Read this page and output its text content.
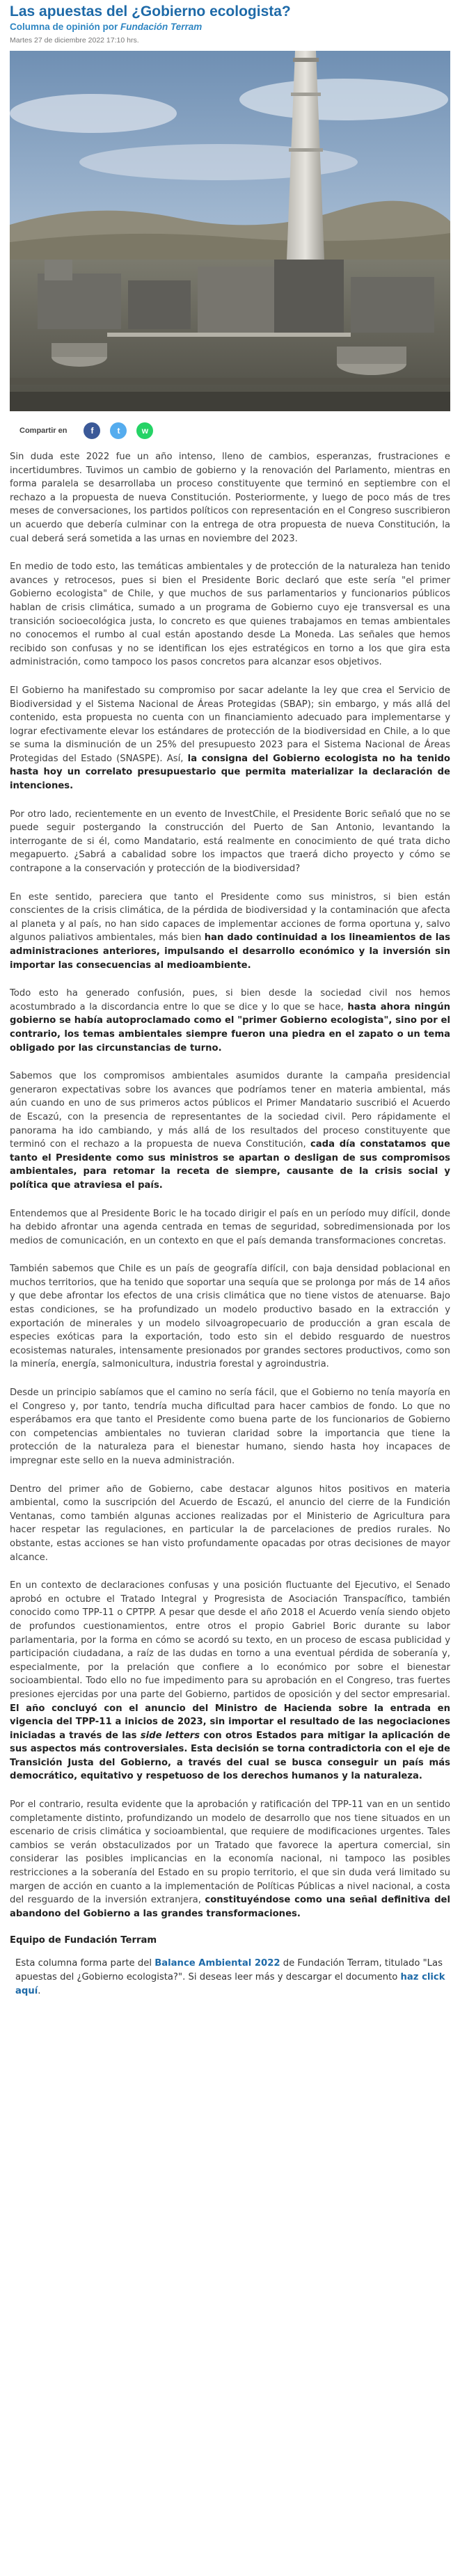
Las apuestas del ¿Gobierno ecologista?
Columna de opinión por Fundación Terram
Martes 27 de diciembre 2022 17:10 hrs.
Compartir en	f	t	w

Sin duda este 2022 fue un año intenso, lleno de cambios, esperanzas, frustraciones e incertidumbres. Tuvimos un cambio de gobierno y la renovación del Parlamento, mientras en forma paralela se desarrollaba un proceso constituyente que terminó en septiembre con el rechazo a la propuesta de nueva Constitución. Posteriormente, y luego de poco más de tres meses de conversaciones, los partidos políticos con representación en el Congreso suscribieron un acuerdo que debería culminar con la entrega de otra propuesta de nueva Constitución, la cual deberá será sometida a las urnas en noviembre del 2023.

En medio de todo esto, las temáticas ambientales y de protección de la naturaleza han tenido avances y retrocesos, pues si bien el Presidente Boric declaró que este sería "el primer Gobierno ecologista" de Chile, y que muchos de sus parlamentarios y funcionarios públicos hablan de crisis climática, sumado a un programa de Gobierno cuyo eje transversal es una transición socioecológica justa, lo concreto es que quienes trabajamos en temas ambientales no conocemos el rumbo al cual están apostando desde La Moneda. Las señales que hemos recibido son confusas y no se identifican los ejes estratégicos en torno a los que gira esta administración, como tampoco los pasos concretos para alcanzar esos objetivos.

El Gobierno ha manifestado su compromiso por sacar adelante la ley que crea el Servicio de Biodiversidad y el Sistema Nacional de Áreas Protegidas (SBAP); sin embargo, y más allá del contenido, esta propuesta no cuenta con un financiamiento adecuado para implementarse y lograr efectivamente elevar los estándares de protección de la biodiversidad en Chile, a lo que se suma la disminución de un 25% del presupuesto 2023 para el Sistema Nacional de Áreas Protegidas del Estado (SNASPE). Así, la consigna del Gobierno ecologista no ha tenido hasta hoy un correlato presupuestario que permita materializar la declaración de intenciones.

Por otro lado, recientemente en un evento de InvestChile, el Presidente Boric señaló que no se puede seguir postergando la construcción del Puerto de San Antonio, levantando la interrogante de si él, como Mandatario, está realmente en conocimiento de qué trata dicho megapuerto. ¿Sabrá a cabalidad sobre los impactos que traerá dicho proyecto y cómo se contrapone a la conservación y protección de la biodiversidad?

En este sentido, pareciera que tanto el Presidente como sus ministros, si bien están conscientes de la crisis climática, de la pérdida de biodiversidad y la contaminación que afecta al planeta y al país, no han sido capaces de implementar acciones de forma oportuna y, salvo algunos paliativos ambientales, más bien han dado continuidad a los lineamientos de las administraciones anteriores, impulsando el desarrollo económico y la inversión sin importar las consecuencias al medioambiente.

Todo esto ha generado confusión, pues, si bien desde la sociedad civil nos hemos acostumbrado a la discordancia entre lo que se dice y lo que se hace, hasta ahora ningún gobierno se había autoproclamado como el "primer Gobierno ecologista", sino por el contrario, los temas ambientales siempre fueron una piedra en el zapato o un tema obligado por las circunstancias de turno.

Sabemos que los compromisos ambientales asumidos durante la campaña presidencial generaron expectativas sobre los avances que podríamos tener en materia ambiental, más aún cuando en uno de sus primeros actos públicos el Primer Mandatario suscribió el Acuerdo de Escazú, con la presencia de representantes de la sociedad civil. Pero rápidamente el panorama ha ido cambiando, y más allá de los resultados del proceso constituyente que terminó con el rechazo a la propuesta de nueva Constitución, cada día constatamos que tanto el Presidente como sus ministros se apartan o desligan de sus compromisos ambientales, para retomar la receta de siempre, causante de la crisis social y política que atraviesa el país.

Entendemos que al Presidente Boric le ha tocado dirigir el país en un período muy difícil, donde ha debido afrontar una agenda centrada en temas de seguridad, sobredimensionada por los medios de comunicación, en un contexto en que el país demanda transformaciones concretas.

También sabemos que Chile es un país de geografía difícil, con baja densidad poblacional en muchos territorios, que ha tenido que soportar una sequía que se prolonga por más de 14 años y que debe afrontar los efectos de una crisis climática que no tiene vistos de atenuarse. Bajo estas condiciones, se ha profundizado un modelo productivo basado en la extracción y exportación de minerales y un modelo silvoagropecuario de producción a gran escala de especies exóticas para la exportación, todo esto sin el debido resguardo de nuestros ecosistemas naturales, intensamente presionados por grandes sectores productivos, como son la minería, energía, salmonicultura, industria forestal y agroindustria.

Desde un principio sabíamos que el camino no sería fácil, que el Gobierno no tenía mayoría en el Congreso y, por tanto, tendría mucha dificultad para hacer cambios de fondo. Lo que no esperábamos era que tanto el Presidente como buena parte de los funcionarios de Gobierno con competencias ambientales no tuvieran claridad sobre la importancia que tiene la protección de la naturaleza para el bienestar humano, siendo hasta hoy incapaces de impregnar este sello en la nueva administración.

Dentro del primer año de Gobierno, cabe destacar algunos hitos positivos en materia ambiental, como la suscripción del Acuerdo de Escazú, el anuncio del cierre de la Fundición Ventanas, como también algunas acciones realizadas por el Ministerio de Agricultura para hacer respetar las regulaciones, en particular la de parcelaciones de predios rurales. No obstante, estas acciones se han visto profundamente opacadas por otras decisiones de mayor alcance.

En un contexto de declaraciones confusas y una posición fluctuante del Ejecutivo, el Senado aprobó en octubre el Tratado Integral y Progresista de Asociación Transpacífico, también conocido como TPP-11 o CPTPP. A pesar que desde el año 2018 el Acuerdo venía siendo objeto de profundos cuestionamientos, entre otros el propio Gabriel Boric durante su labor parlamentaria, por la forma en cómo se acordó su texto, en un proceso de escasa publicidad y participación ciudadana, a raíz de las dudas en torno a una eventual pérdida de soberanía y, especialmente, por la prelación que confiere a lo económico por sobre el bienestar socioambiental. Todo ello no fue impedimento para su aprobación en el Congreso, tras fuertes presiones ejercidas por una parte del Gobierno, partidos de oposición y del sector empresarial. El año concluyó con el anuncio del Ministro de Hacienda sobre la entrada en vigencia del TPP-11 a inicios de 2023, sin importar el resultado de las negociaciones iniciadas a través de las side letters con otros Estados para mitigar la aplicación de sus aspectos más controversiales. Esta decisión se torna contradictoria con el eje de Transición Justa del Gobierno, a través del cual se busca conseguir un país más democrático, equitativo y respetuoso de los derechos humanos y la naturaleza.

Por el contrario, resulta evidente que la aprobación y ratificación del TPP-11 van en un sentido completamente distinto, profundizando un modelo de desarrollo que nos tiene situados en un escenario de crisis climática y socioambiental, que requiere de modificaciones urgentes. Tales cambios se verán obstaculizados por un Tratado que favorece la apertura comercial, sin considerar las posibles implicancias en la economía nacional, ni tampoco las posibles restricciones a la soberanía del Estado en su propio territorio, el que sin duda verá limitado su margen de acción en cuanto a la implementación de Políticas Públicas a nivel nacional, a costa del resguardo de la inversión extranjera, constituyéndose como una señal definitiva del abandono del Gobierno a las grandes transformaciones.

Equipo de Fundación Terram
Esta columna forma parte del Balance Ambiental 2022 de Fundación Terram, titulado "Las apuestas del ¿Gobierno ecologista?". Si deseas leer más y descargar el documento haz click aquí.
